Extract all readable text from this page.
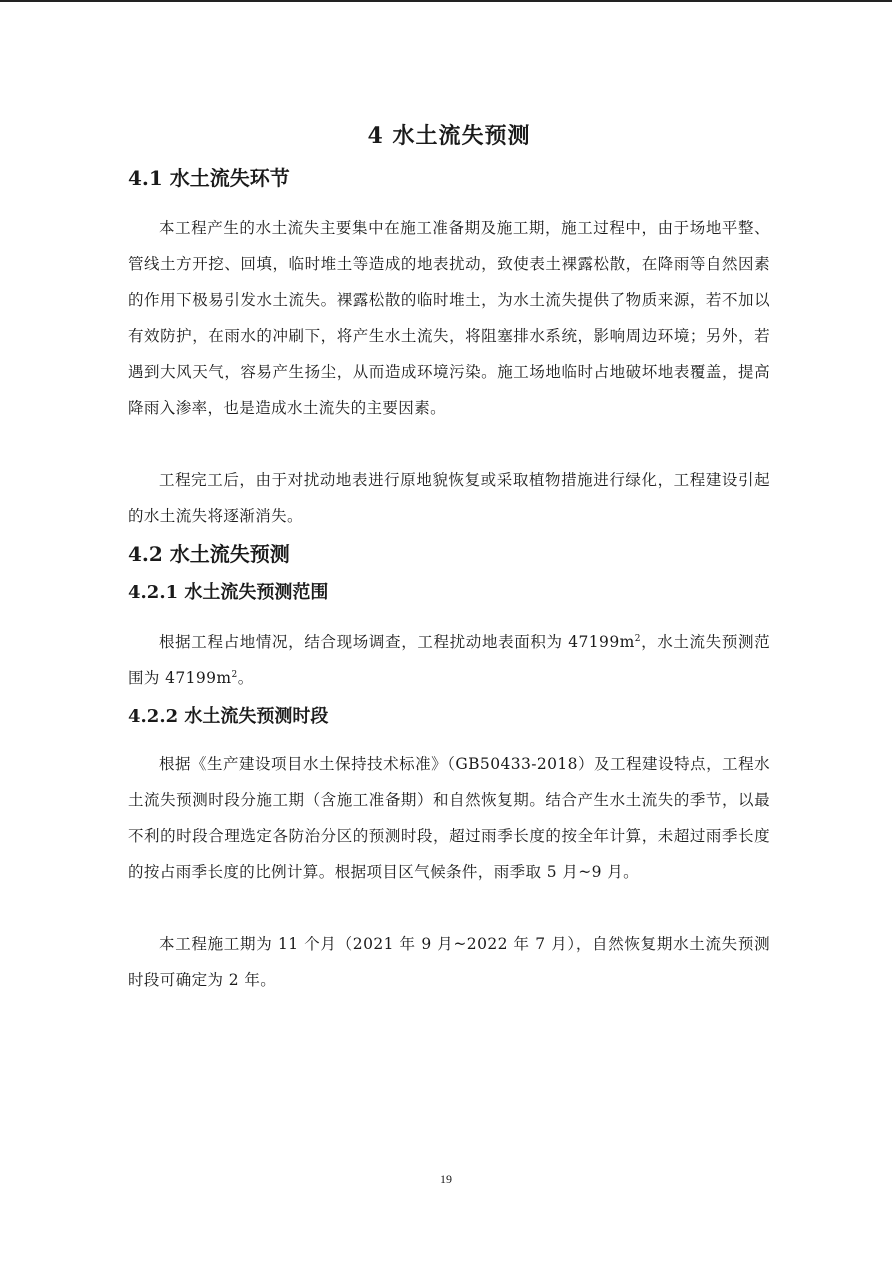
4 水土流失预测
4.1 水土流失环节
本工程产生的水土流失主要集中在施工准备期及施工期，施工过程中，由于场地平整、管线土方开挖、回填，临时堆土等造成的地表扰动，致使表土裸露松散，在降雨等自然因素的作用下极易引发水土流失。裸露松散的临时堆土，为水土流失提供了物质来源，若不加以有效防护，在雨水的冲刷下，将产生水土流失，将阻塞排水系统，影响周边环境；另外，若遇到大风天气，容易产生扬尘，从而造成环境污染。施工场地临时占地破坏地表覆盖，提高降雨入渗率，也是造成水土流失的主要因素。
工程完工后，由于对扰动地表进行原地貌恢复或采取植物措施进行绿化，工程建设引起的水土流失将逐渐消失。
4.2 水土流失预测
4.2.1 水土流失预测范围
根据工程占地情况，结合现场调查，工程扰动地表面积为 $47199m^2$，水土流失预测范围为 $47199m^2$。
4.2.2 水土流失预测时段
根据《生产建设项目水土保持技术标准》（GB50433-2018）及工程建设特点，工程水土流失预测时段分施工期（含施工准备期）和自然恢复期。结合产生水土流失的季节，以最不利的时段合理选定各防治分区的预测时段，超过雨季长度的按全年计算，未超过雨季长度的按占雨季长度的比例计算。根据项目区气候条件，雨季取 5 月~9 月。
本工程施工期为 11 个月（2021 年 9 月~2022 年 7 月），自然恢复期水土流失预测时段可确定为 2 年。
19
